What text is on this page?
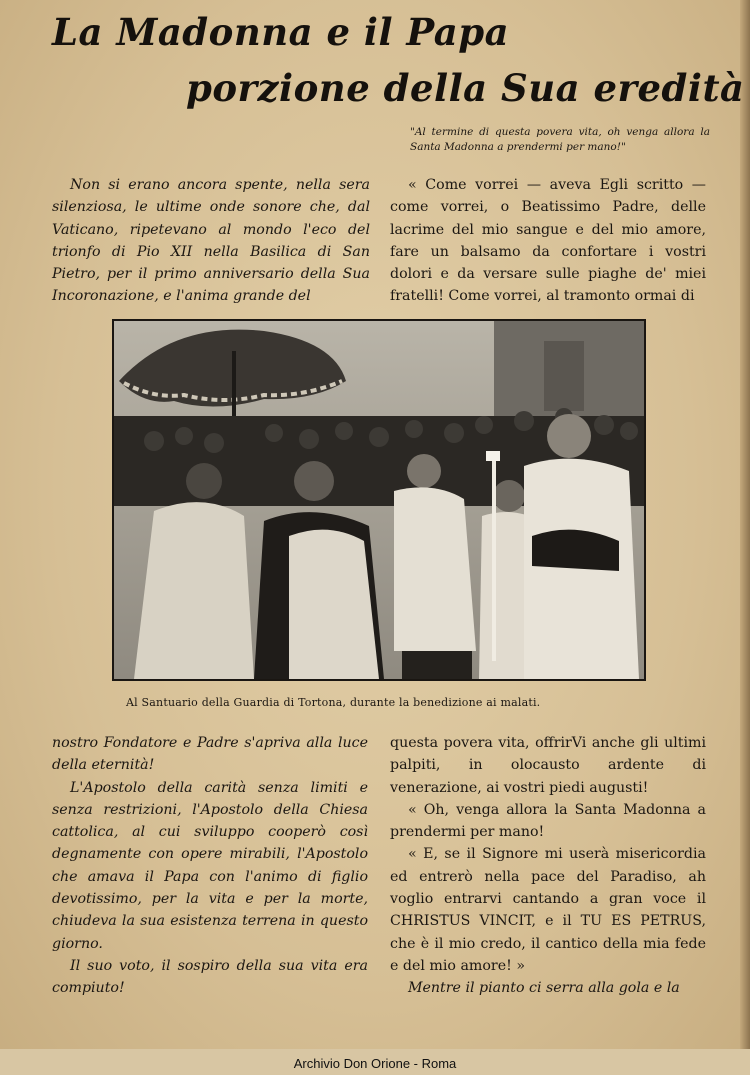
La Madonna e il Papa
porzione della Sua eredità

"Al termine di questa povera vita, oh venga allora la Santa Madonna a prendermi per mano!"

Non si erano ancora spente, nella sera silenziosa, le ultime onde sonore che, dal Vaticano, ripetevano al mondo l'eco del trionfo di Pio XII nella Basilica di San Pietro, per il primo anniversario della Sua Incoronazione, e l'anima grande del

« Come vorrei — aveva Egli scritto — come vorrei, o Beatissimo Padre, delle lacrime del mio sangue e del mio amore, fare un balsamo da confortare i vostri dolori e da versare sulle piaghe de' miei fratelli! Come vorrei, al tramonto ormai di

Al Santuario della Guardia di Tortona, durante la benedizione ai malati.

nostro Fondatore e Padre s'apriva alla luce della eternità!

L'Apostolo della carità senza limiti e senza restrizioni, l'Apostolo della Chiesa cattolica, al cui sviluppo cooperò così degnamente con opere mirabili, l'Apostolo che amava il Papa con l'animo di figlio devotissimo, per la vita e per la morte, chiudeva la sua esistenza terrena in questo giorno.

Il suo voto, il sospiro della sua vita era compiuto!

questa povera vita, offrirVi anche gli ultimi palpiti, in olocausto ardente di venerazione, ai vostri piedi augusti!

« Oh, venga allora la Santa Madonna a prendermi per mano!

« E, se il Signore mi userà misericordia ed entrerò nella pace del Paradiso, ah voglio entrarvi cantando a gran voce il CHRISTUS VINCIT, e il TU ES PETRUS, che è il mio credo, il cantico della mia fede e del mio amore! »

Mentre il pianto ci serra alla gola e la

Archivio Don Orione - Roma
